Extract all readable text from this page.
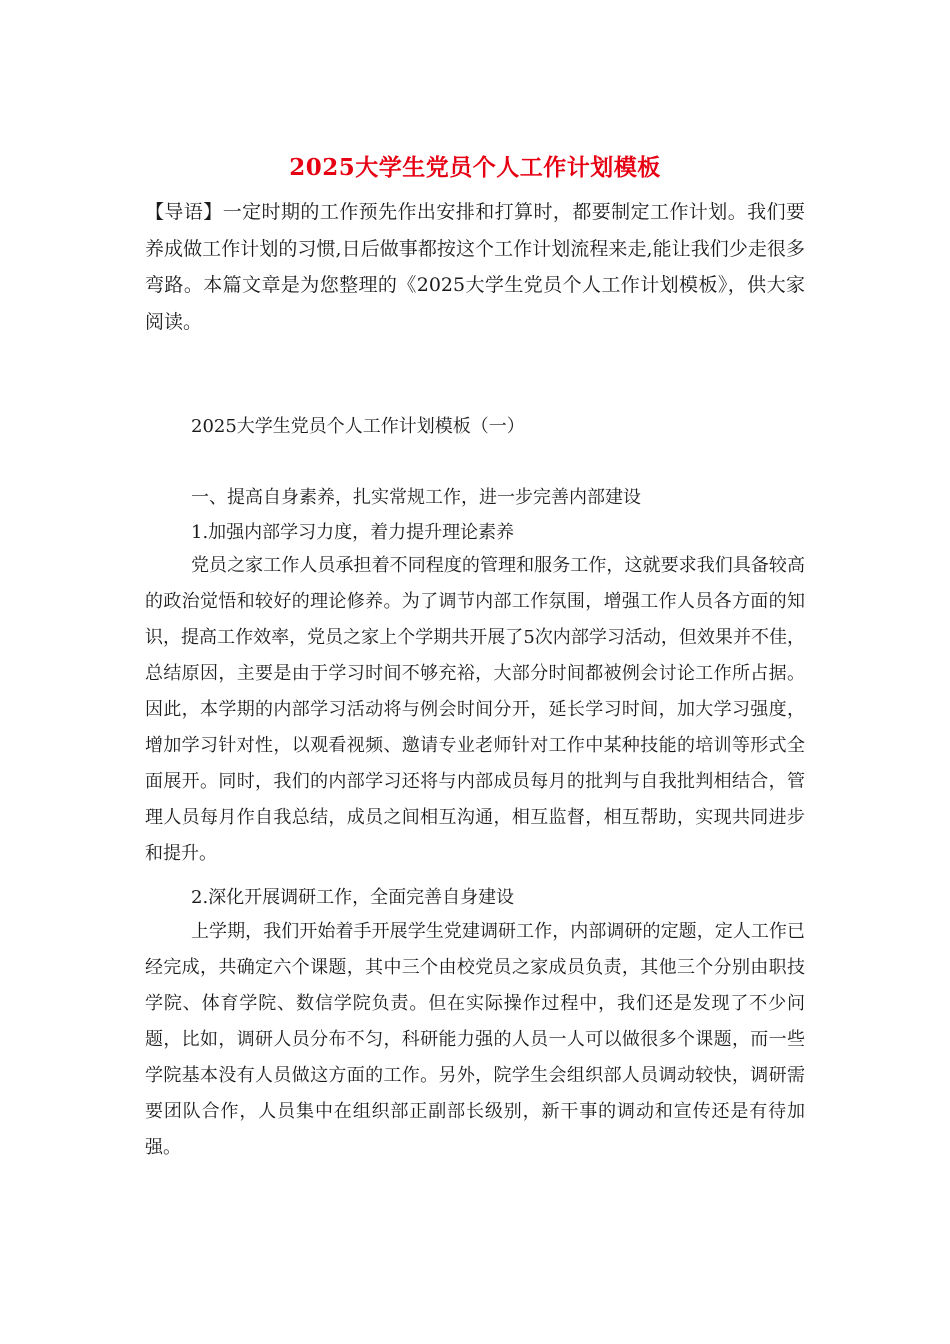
2025大学生党员个人工作计划模板

【导语】一定时期的工作预先作出安排和打算时，都要制定工作计划。我们要养成做工作计划的习惯,日后做事都按这个工作计划流程来走,能让我们少走很多弯路。本篇文章是为您整理的《2025大学生党员个人工作计划模板》，供大家阅读。

2025大学生党员个人工作计划模板（一）

一、提高自身素养，扎实常规工作，进一步完善内部建设

1.加强内部学习力度，着力提升理论素养

党员之家工作人员承担着不同程度的管理和服务工作，这就要求我们具备较高的政治觉悟和较好的理论修养。为了调节内部工作氛围，增强工作人员各方面的知识，提高工作效率，党员之家上个学期共开展了5次内部学习活动，但效果并不佳，总结原因，主要是由于学习时间不够充裕，大部分时间都被例会讨论工作所占据。因此，本学期的内部学习活动将与例会时间分开，延长学习时间，加大学习强度，增加学习针对性，以观看视频、邀请专业老师针对工作中某种技能的培训等形式全面展开。同时，我们的内部学习还将与内部成员每月的批判与自我批判相结合，管理人员每月作自我总结，成员之间相互沟通，相互监督，相互帮助，实现共同进步和提升。

2.深化开展调研工作，全面完善自身建设

上学期，我们开始着手开展学生党建调研工作，内部调研的定题，定人工作已经完成，共确定六个课题，其中三个由校党员之家成员负责，其他三个分别由职技学院、体育学院、数信学院负责。但在实际操作过程中，我们还是发现了不少问题，比如，调研人员分布不匀，科研能力强的人员一人可以做很多个课题，而一些学院基本没有人员做这方面的工作。另外，院学生会组织部人员调动较快，调研需要团队合作，人员集中在组织部正副部长级别，新干事的调动和宣传还是有待加强。
